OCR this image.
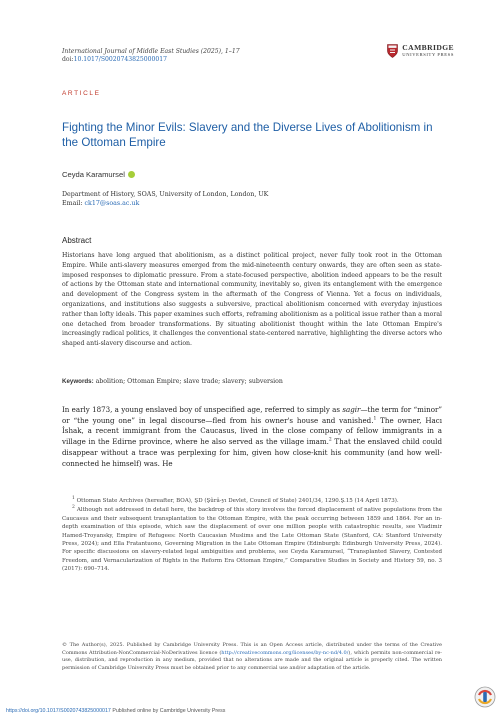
International Journal of Middle East Studies (2025), 1–17
doi:10.1017/S0020743825000017
CAMBRIDGE
UNIVERSITY PRESS
ARTICLE
Fighting the Minor Evils: Slavery and the Diverse Lives of Abolitionism in the Ottoman Empire
Ceyda Karamursel
Department of History, SOAS, University of London, London, UK
Email: ck17@soas.ac.uk
Abstract
Historians have long argued that abolitionism, as a distinct political project, never fully took root in the Ottoman Empire. While anti-slavery measures emerged from the mid-nineteenth century onwards, they are often seen as state-imposed responses to diplomatic pressure. From a state-focused perspective, abolition indeed appears to be the result of actions by the Ottoman state and international community, inevitably so, given its entanglement with the emergence and development of the Congress system in the aftermath of the Congress of Vienna. Yet a focus on individuals, organizations, and institutions also suggests a subversive, practical abolitionism concerned with everyday injustices rather than lofty ideals. This paper examines such efforts, reframing abolitionism as a political issue rather than a moral one detached from broader transformations. By situating abolitionist thought within the late Ottoman Empire's increasingly radical politics, it challenges the conventional state-centered narrative, highlighting the diverse actors who shaped anti-slavery discourse and action.
Keywords: abolition; Ottoman Empire; slave trade; slavery; subversion
In early 1873, a young enslaved boy of unspecified age, referred to simply as sagir—the term for “minor” or “the young one” in legal discourse—fled from his owner's house and vanished.$^1$ The owner, Hacı İshak, a recent immigrant from the Caucasus, lived in the close company of fellow immigrants in a village in the Edirne province, where he also served as the village imam.$^2$ That the enslaved child could disappear without a trace was perplexing for him, given how close-knit his community (and how well-connected he himself) was. He

$^1$ Ottoman State Archives (hereafter, BOA), ŞD (Şûrâ-yı Devlet, Council of State) 2401/34, 1290.Ş.15 (14 April 1873).

$^2$ Although not addressed in detail here, the backdrop of this story involves the forced displacement of native populations from the Caucasus and their subsequent transplantation to the Ottoman Empire, with the peak occurring between 1859 and 1864. For an in-depth examination of this episode, which saw the displacement of over one million people with catastrophic results, see Vladimir Hamed-Troyansky, Empire of Refugees: North Caucasian Muslims and the Late Ottoman State (Stanford, CA: Stanford University Press, 2024); and Ella Fratantuono, Governing Migration in the Late Ottoman Empire (Edinburgh: Edinburgh University Press, 2024). For specific discussions on slavery-related legal ambiguities and problems, see Ceyda Karamursel, “Transplanted Slavery, Contested Freedom, and Vernacularization of Rights in the Reform Era Ottoman Empire,” Comparative Studies in Society and History 59, no. 3 (2017): 690–714.

© The Author(s), 2025. Published by Cambridge University Press. This is an Open Access article, distributed under the terms of the Creative Commons Attribution-NonCommercial-NoDerivatives licence (http://creativecommons.org/licenses/by-nc-nd/4.0/), which permits non-commercial re-use, distribution, and reproduction in any medium, provided that no alterations are made and the original article is properly cited. The written permission of Cambridge University Press must be obtained prior to any commercial use and/or adaptation of the article.
https://doi.org/10.1017/S0020743825000017 Published online by Cambridge University Press
